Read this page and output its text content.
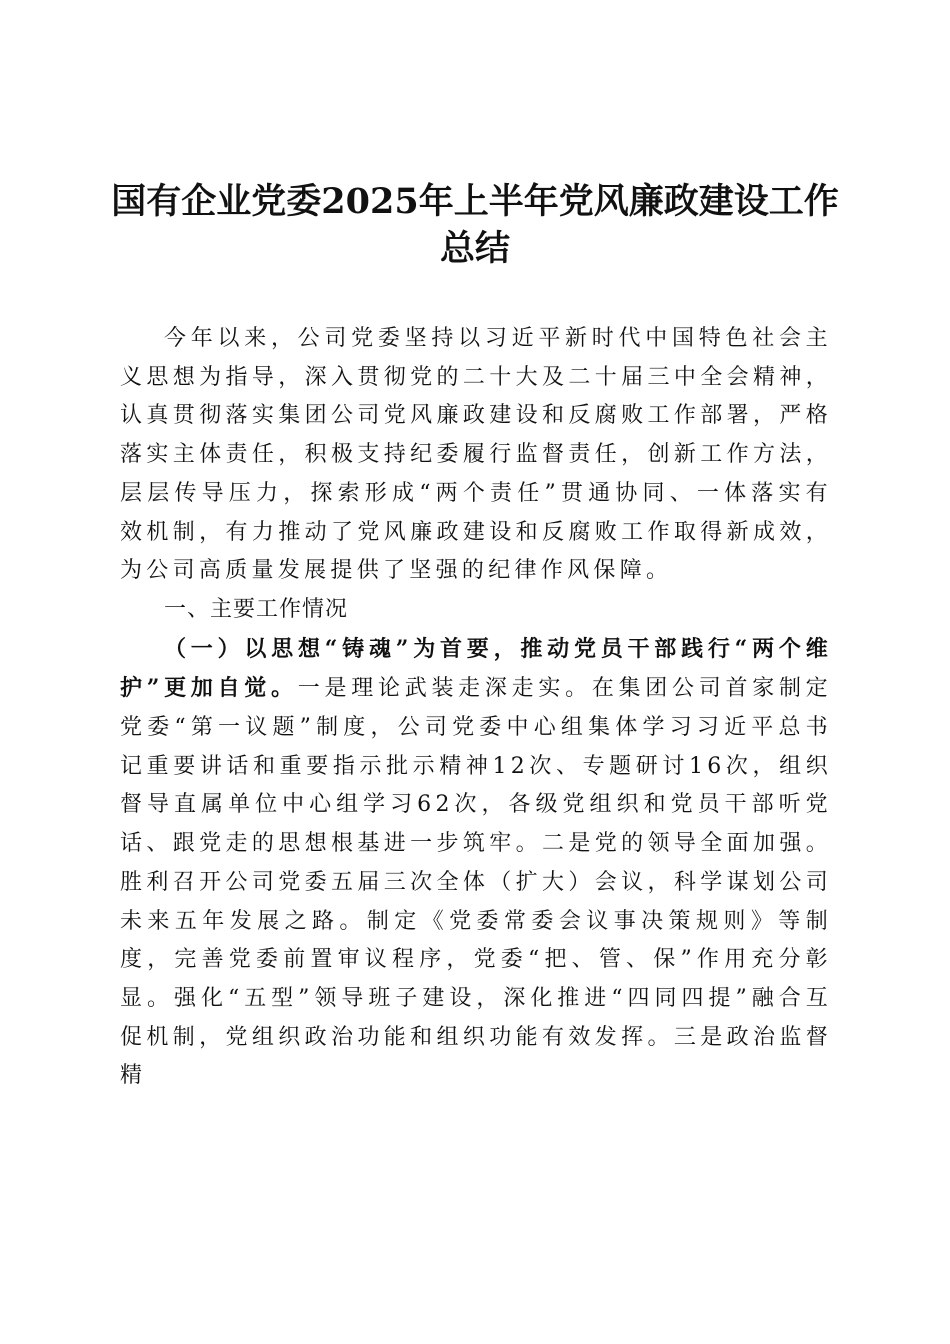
国有企业党委2025年上半年党风廉政建设工作总结

今年以来，公司党委坚持以习近平新时代中国特色社会主义思想为指导，深入贯彻党的二十大及二十届三中全会精神，认真贯彻落实集团公司党风廉政建设和反腐败工作部署，严格落实主体责任，积极支持纪委履行监督责任，创新工作方法，层层传导压力，探索形成“两个责任”贯通协同、一体落实有效机制，有力推动了党风廉政建设和反腐败工作取得新成效，为公司高质量发展提供了坚强的纪律作风保障。

一、主要工作情况

（一）以思想“铸魂”为首要，推动党员干部践行“两个维护”更加自觉。一是理论武装走深走实。在集团公司首家制定党委“第一议题”制度，公司党委中心组集体学习习近平总书记重要讲话和重要指示批示精神12次、专题研讨16次，组织督导直属单位中心组学习62次，各级党组织和党员干部听党话、跟党走的思想根基进一步筑牢。二是党的领导全面加强。胜利召开公司党委五届三次全体（扩大）会议，科学谋划公司未来五年发展之路。制定《党委常委会议事决策规则》等制度，完善党委前置审议程序，党委“把、管、保”作用充分彰显。强化“五型”领导班子建设，深化推进“四同四提”融合互促机制，党组织政治功能和组织功能有效发挥。三是政治监督精
